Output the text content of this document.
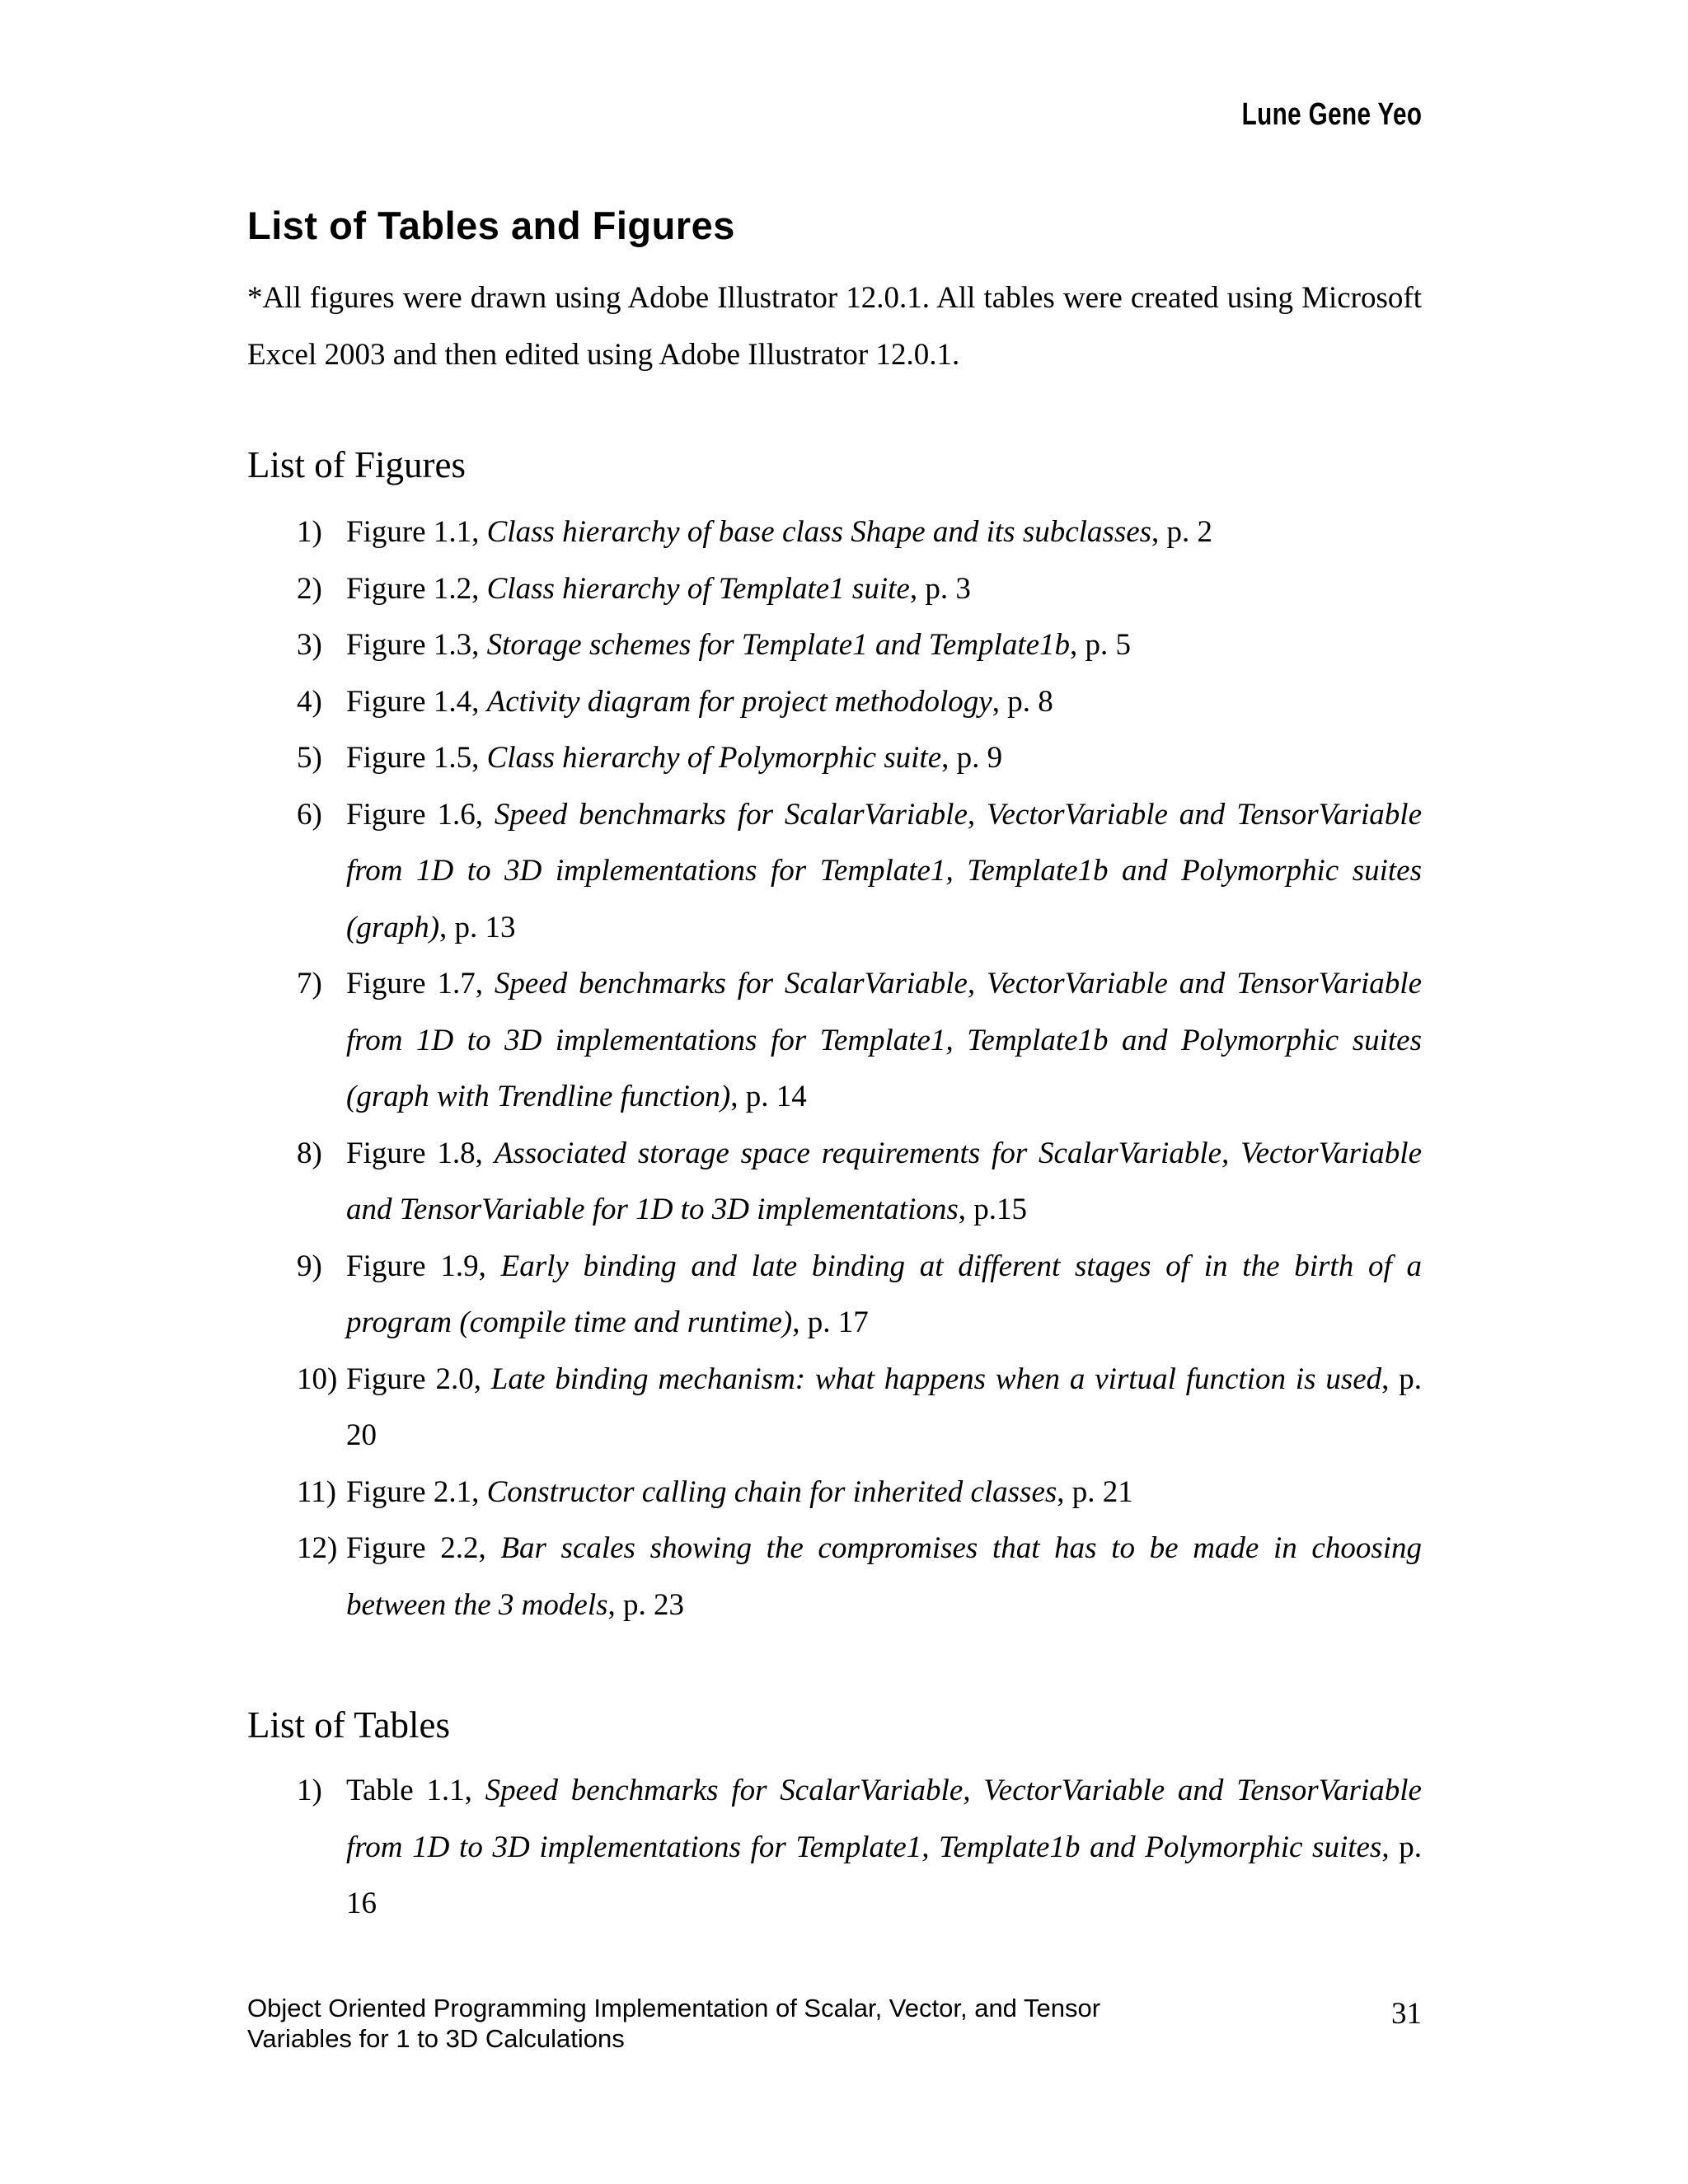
Lune Gene Yeo
List of Tables and Figures

*All figures were drawn using Adobe Illustrator 12.0.1. All tables were created using Microsoft Excel 2003 and then edited using Adobe Illustrator 12.0.1.

List of Figures
1) Figure 1.1, Class hierarchy of base class Shape and its subclasses, p. 2
2) Figure 1.2, Class hierarchy of Template1 suite, p. 3
3) Figure 1.3, Storage schemes for Template1 and Template1b, p. 5
4) Figure 1.4, Activity diagram for project methodology, p. 8
5) Figure 1.5, Class hierarchy of Polymorphic suite, p. 9
6) Figure 1.6, Speed benchmarks for ScalarVariable, VectorVariable and TensorVariable from 1D to 3D implementations for Template1, Template1b and Polymorphic suites (graph), p. 13
7) Figure 1.7, Speed benchmarks for ScalarVariable, VectorVariable and TensorVariable from 1D to 3D implementations for Template1, Template1b and Polymorphic suites (graph with Trendline function), p. 14
8) Figure 1.8, Associated storage space requirements for ScalarVariable, VectorVariable and TensorVariable for 1D to 3D implementations, p.15
9) Figure 1.9, Early binding and late binding at different stages of in the birth of a program (compile time and runtime), p. 17
10) Figure 2.0, Late binding mechanism: what happens when a virtual function is used, p. 20
11) Figure 2.1, Constructor calling chain for inherited classes, p. 21
12) Figure 2.2, Bar scales showing the compromises that has to be made in choosing between the 3 models, p. 23
List of Tables
1) Table 1.1, Speed benchmarks for ScalarVariable, VectorVariable and TensorVariable from 1D to 3D implementations for Template1, Template1b and Polymorphic suites, p. 16
Object Oriented Programming Implementation of Scalar, Vector, and Tensor Variables for 1 to 3D Calculations
31
